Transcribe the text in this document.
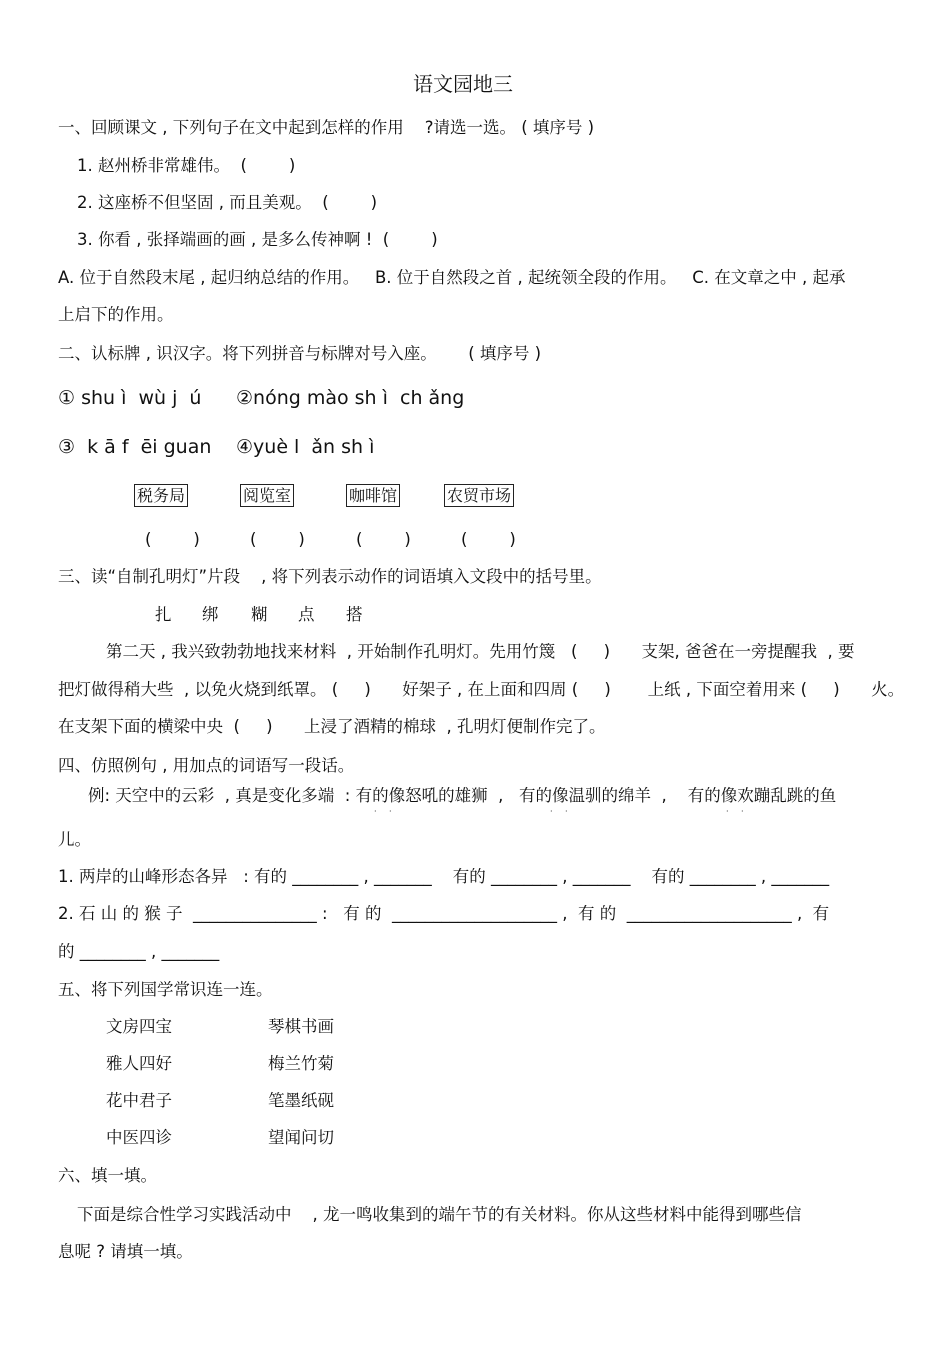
语文园地三
一、回顾课文 , 下列句子在文中起到怎样的作用    ?请选一选。 ( 填序号 )
1. 赵州桥非常雄伟。  (        )
2. 这座桥不但坚固 , 而且美观。  (        )
3. 你看 , 张择端画的画 , 是多么传神啊 !  (        )
A. 位于自然段末尾 , 起归纳总结的作用。   B. 位于自然段之首 , 起统领全段的作用。   C. 在文章之中 , 起承
上启下的作用。
二、认标牌 , 识汉字。将下列拼音与标牌对号入座。      ( 填序号 )
① shu ì  wù j  ú ②nóng mào sh ì  ch ǎng
③  k ā f  ēi guan ④yuè l  ǎn sh ì
税务局	阅览室	咖啡馆	农贸市场
(        )	(        )	(        )	(        )
三、读“自制孔明灯”片段    , 将下列表示动作的词语填入文段中的括号里。
扎 绑 糊 点 搭
第二天 , 我兴致勃勃地找来材料  , 开始制作孔明灯。先用竹篾   (     )      支架, 爸爸在一旁提醒我  , 要
把灯做得稍大些  , 以免火烧到纸罩。 (     )      好架子 , 在上面和四周 (     )       上纸 , 下面空着用来 (     )      火。
在支架下面的横梁中央  (     )      上浸了酒精的棉球  , 孔明灯便制作完了。
四、仿照例句 , 用加点的词语写一段话。
例: 天空中的云彩  , 真是变化多端  : 有的像怒吼的雄狮  ,   有的像温驯的绵羊  ,    有的像欢蹦乱跳的鱼
· ·	· ·	· ·
儿。
1. 两岸的山峰形态各异   : 有的 ________ , _______    有的 ________ , _______    有的 ________ , _______
2. 石 山 的 猴 子  _______________ :   有 的  ____________________ ,  有 的  ____________________ ,  有
的 ________ , _______
五、将下列国学常识连一连。
文房四宝	琴棋书画
雅人四好	梅兰竹菊
花中君子	笔墨纸砚
中医四诊	望闻问切
六、填一填。
下面是综合性学习实践活动中    , 龙一鸣收集到的端午节的有关材料。你从这些材料中能得到哪些信
息呢 ? 请填一填。
